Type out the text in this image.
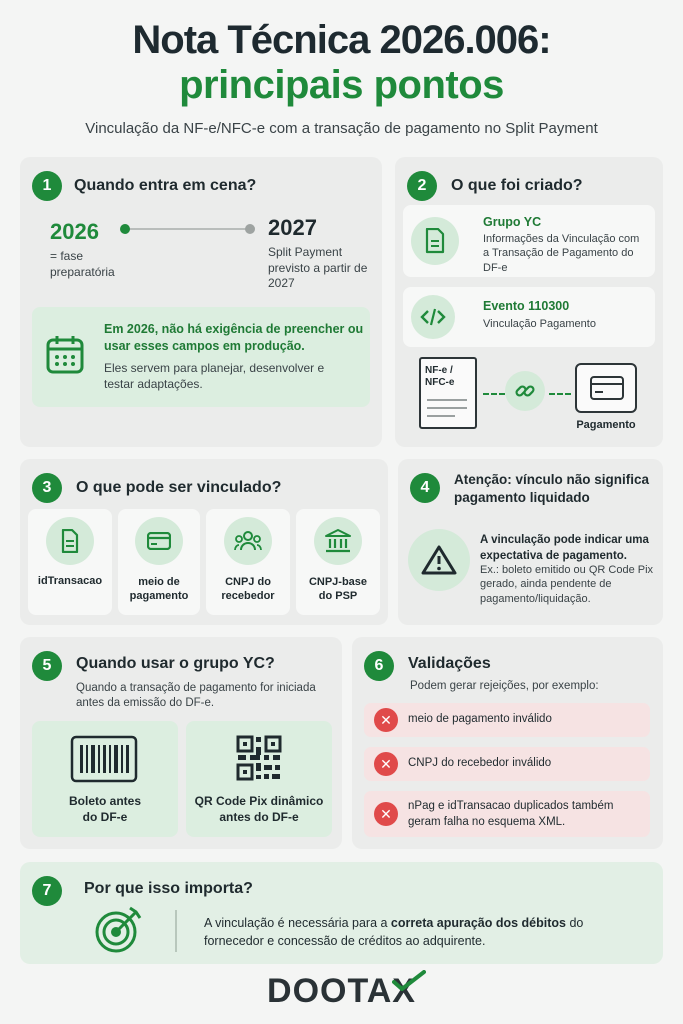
Nota Técnica 2026.006:
principais pontos
Vinculação da NF-e/NFC-e com a transação de pagamento no Split Payment
1	Quando entra em cena?
2026
= fase preparatória
2027
Split Payment previsto a partir de 2027
Em 2026, não há exigência de preencher ou usar esses campos em produção.
Eles servem para planejar, desenvolver e testar adaptações.
2	O que foi criado?
Grupo YC
Informações da Vinculação com a Transação de Pagamento do DF-e
Evento 110300
Vinculação Pagamento
NF-e / NFC-e
Pagamento
3	O que pode ser vinculado?
idTransacao	meio de pagamento
CNPJ do recebedor
CNPJ-base do PSP
4	Atenção: vínculo não significa pagamento liquidado
A vinculação pode indicar uma expectativa de pagamento.
Ex.: boleto emitido ou QR Code Pix gerado, ainda pendente de pagamento/liquidação.
5	Quando usar o grupo YC?
Quando a transação de pagamento for iniciada antes da emissão do DF-e.
Boleto antes do DF-e
QR Code Pix dinâmico antes do DF-e
6	Validações
Podem gerar rejeições, por exemplo:
✕	meio de pagamento inválido
✕	CNPJ do recebedor inválido
✕	nPag e idTransacao duplicados também geram falha no esquema XML.
7	Por que isso importa?
A vinculação é necessária para a correta apuração dos débitos do fornecedor e concessão de créditos ao adquirente.
DOOTAX
